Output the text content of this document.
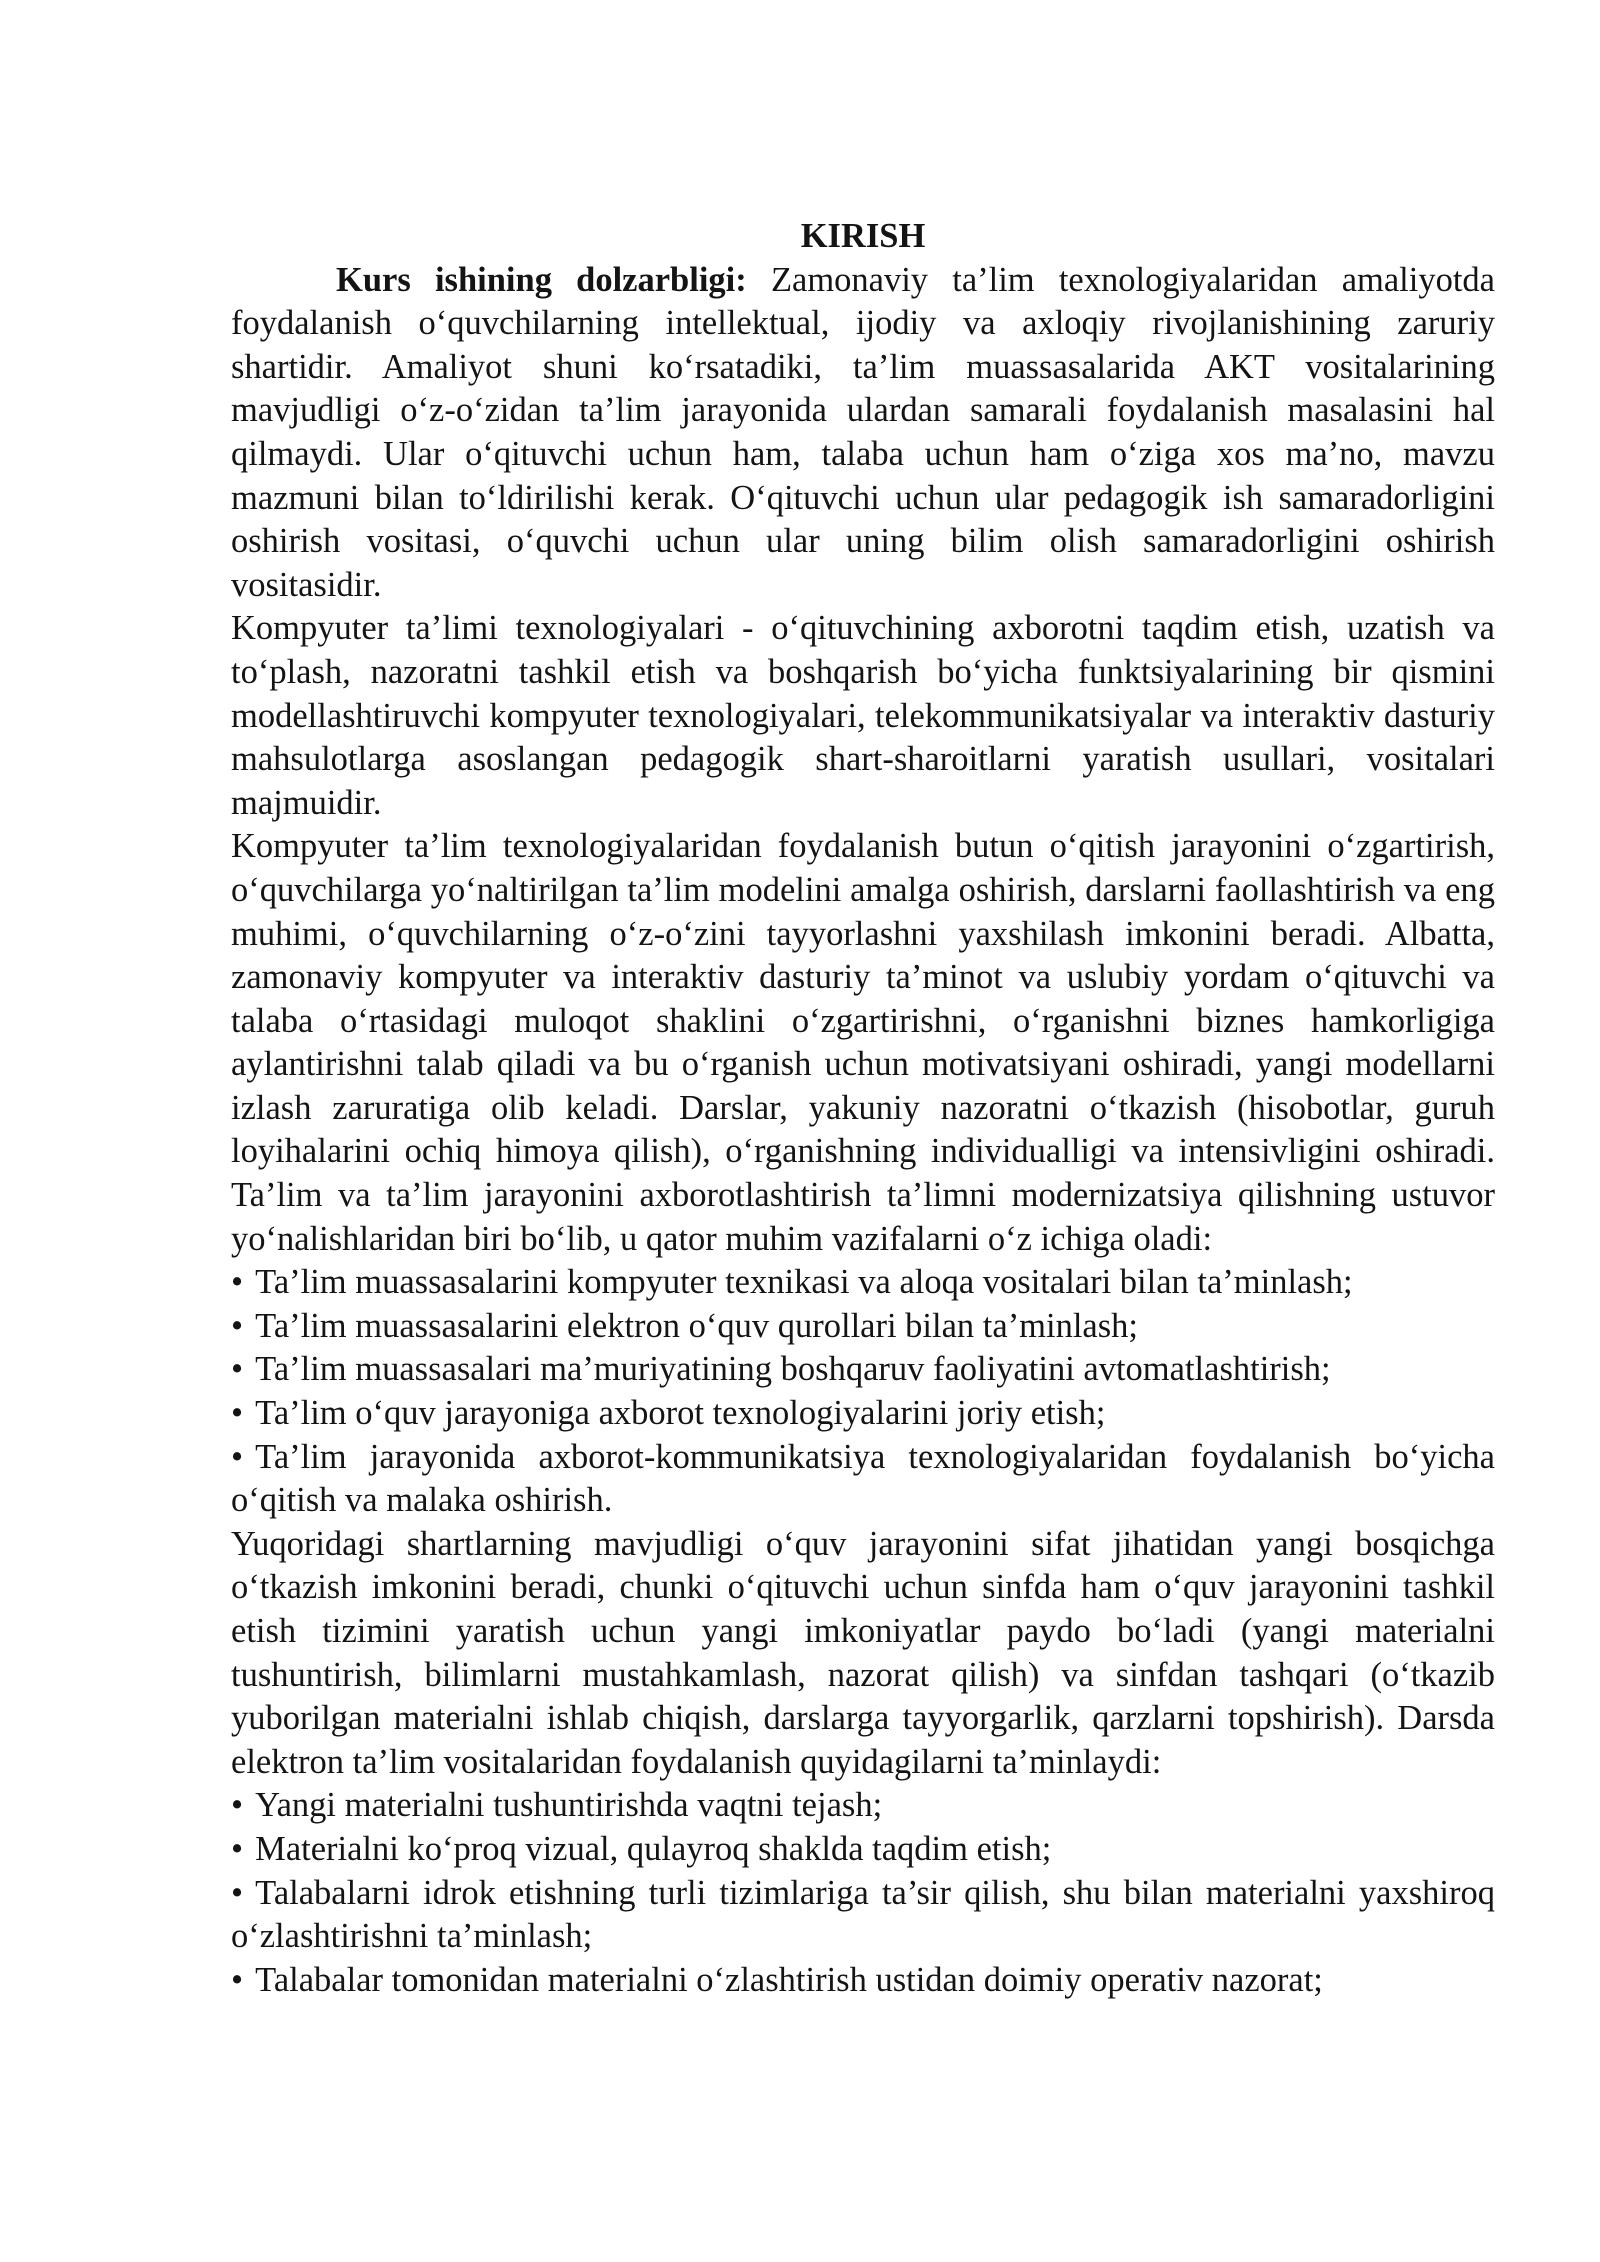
KIRISH

Kurs ishining dolzarbligi: Zamonaviy ta’lim texnologiyalaridan amaliyotda foydalanish o‘quvchilarning intellektual, ijodiy va axloqiy rivojlanishining zaruriy shartidir. Amaliyot shuni ko‘rsatadiki, ta’lim muassasalarida AKT vositalarining mavjudligi o‘z-o‘zidan ta’lim jarayonida ulardan samarali foydalanish masalasini hal qilmaydi. Ular o‘qituvchi uchun ham, talaba uchun ham o‘ziga xos ma’no, mavzu mazmuni bilan to‘ldirilishi kerak. O‘qituvchi uchun ular pedagogik ish samaradorligini oshirish vositasi, o‘quvchi uchun ular uning bilim olish samaradorligini oshirish vositasidir.

Kompyuter ta’limi texnologiyalari - o‘qituvchining axborotni taqdim etish, uzatish va to‘plash, nazoratni tashkil etish va boshqarish bo‘yicha funktsiyalarining bir qismini modellashtiruvchi kompyuter texnologiyalari, telekommunikatsiyalar va interaktiv dasturiy mahsulotlarga asoslangan pedagogik shart-sharoitlarni yaratish usullari, vositalari majmuidir.

Kompyuter ta’lim texnologiyalaridan foydalanish butun o‘qitish jarayonini o‘zgartirish, o‘quvchilarga yo‘naltirilgan ta’lim modelini amalga oshirish, darslarni faollashtirish va eng muhimi, o‘quvchilarning o‘z-o‘zini tayyorlashni yaxshilash imkonini beradi. Albatta, zamonaviy kompyuter va interaktiv dasturiy ta’minot va uslubiy yordam o‘qituvchi va talaba o‘rtasidagi muloqot shaklini o‘zgartirishni, o‘rganishni biznes hamkorligiga aylantirishni talab qiladi va bu o‘rganish uchun motivatsiyani oshiradi, yangi modellarni izlash zaruratiga olib keladi. Darslar, yakuniy nazoratni o‘tkazish (hisobotlar, guruh loyihalarini ochiq himoya qilish), o‘rganishning individualligi va intensivligini oshiradi. Ta’lim va ta’lim jarayonini axborotlashtirish ta’limni modernizatsiya qilishning ustuvor yo‘nalishlaridan biri bo‘lib, u qator muhim vazifalarni o‘z ichiga oladi:

• Ta’lim muassasalarini kompyuter texnikasi va aloqa vositalari bilan ta’minlash;
• Ta’lim muassasalarini elektron o‘quv qurollari bilan ta’minlash;
• Ta’lim muassasalari ma’muriyatining boshqaruv faoliyatini avtomatlashtirish;
• Ta’lim o‘quv jarayoniga axborot texnologiyalarini joriy etish;
• Ta’lim jarayonida axborot-kommunikatsiya texnologiyalaridan foydalanish bo‘yicha o‘qitish va malaka oshirish.

Yuqoridagi shartlarning mavjudligi o‘quv jarayonini sifat jihatidan yangi bosqichga o‘tkazish imkonini beradi, chunki o‘qituvchi uchun sinfda ham o‘quv jarayonini tashkil etish tizimini yaratish uchun yangi imkoniyatlar paydo bo‘ladi (yangi materialni tushuntirish, bilimlarni mustahkamlash, nazorat qilish) va sinfdan tashqari (o‘tkazib yuborilgan materialni ishlab chiqish, darslarga tayyorgarlik, qarzlarni topshirish). Darsda elektron ta’lim vositalaridan foydalanish quyidagilarni ta’minlaydi:

• Yangi materialni tushuntirishda vaqtni tejash;
• Materialni ko‘proq vizual, qulayroq shaklda taqdim etish;
• Talabalarni idrok etishning turli tizimlariga ta’sir qilish, shu bilan materialni yaxshiroq o‘zlashtirishni ta’minlash;
• Talabalar tomonidan materialni o‘zlashtirish ustidan doimiy operativ nazorat;
